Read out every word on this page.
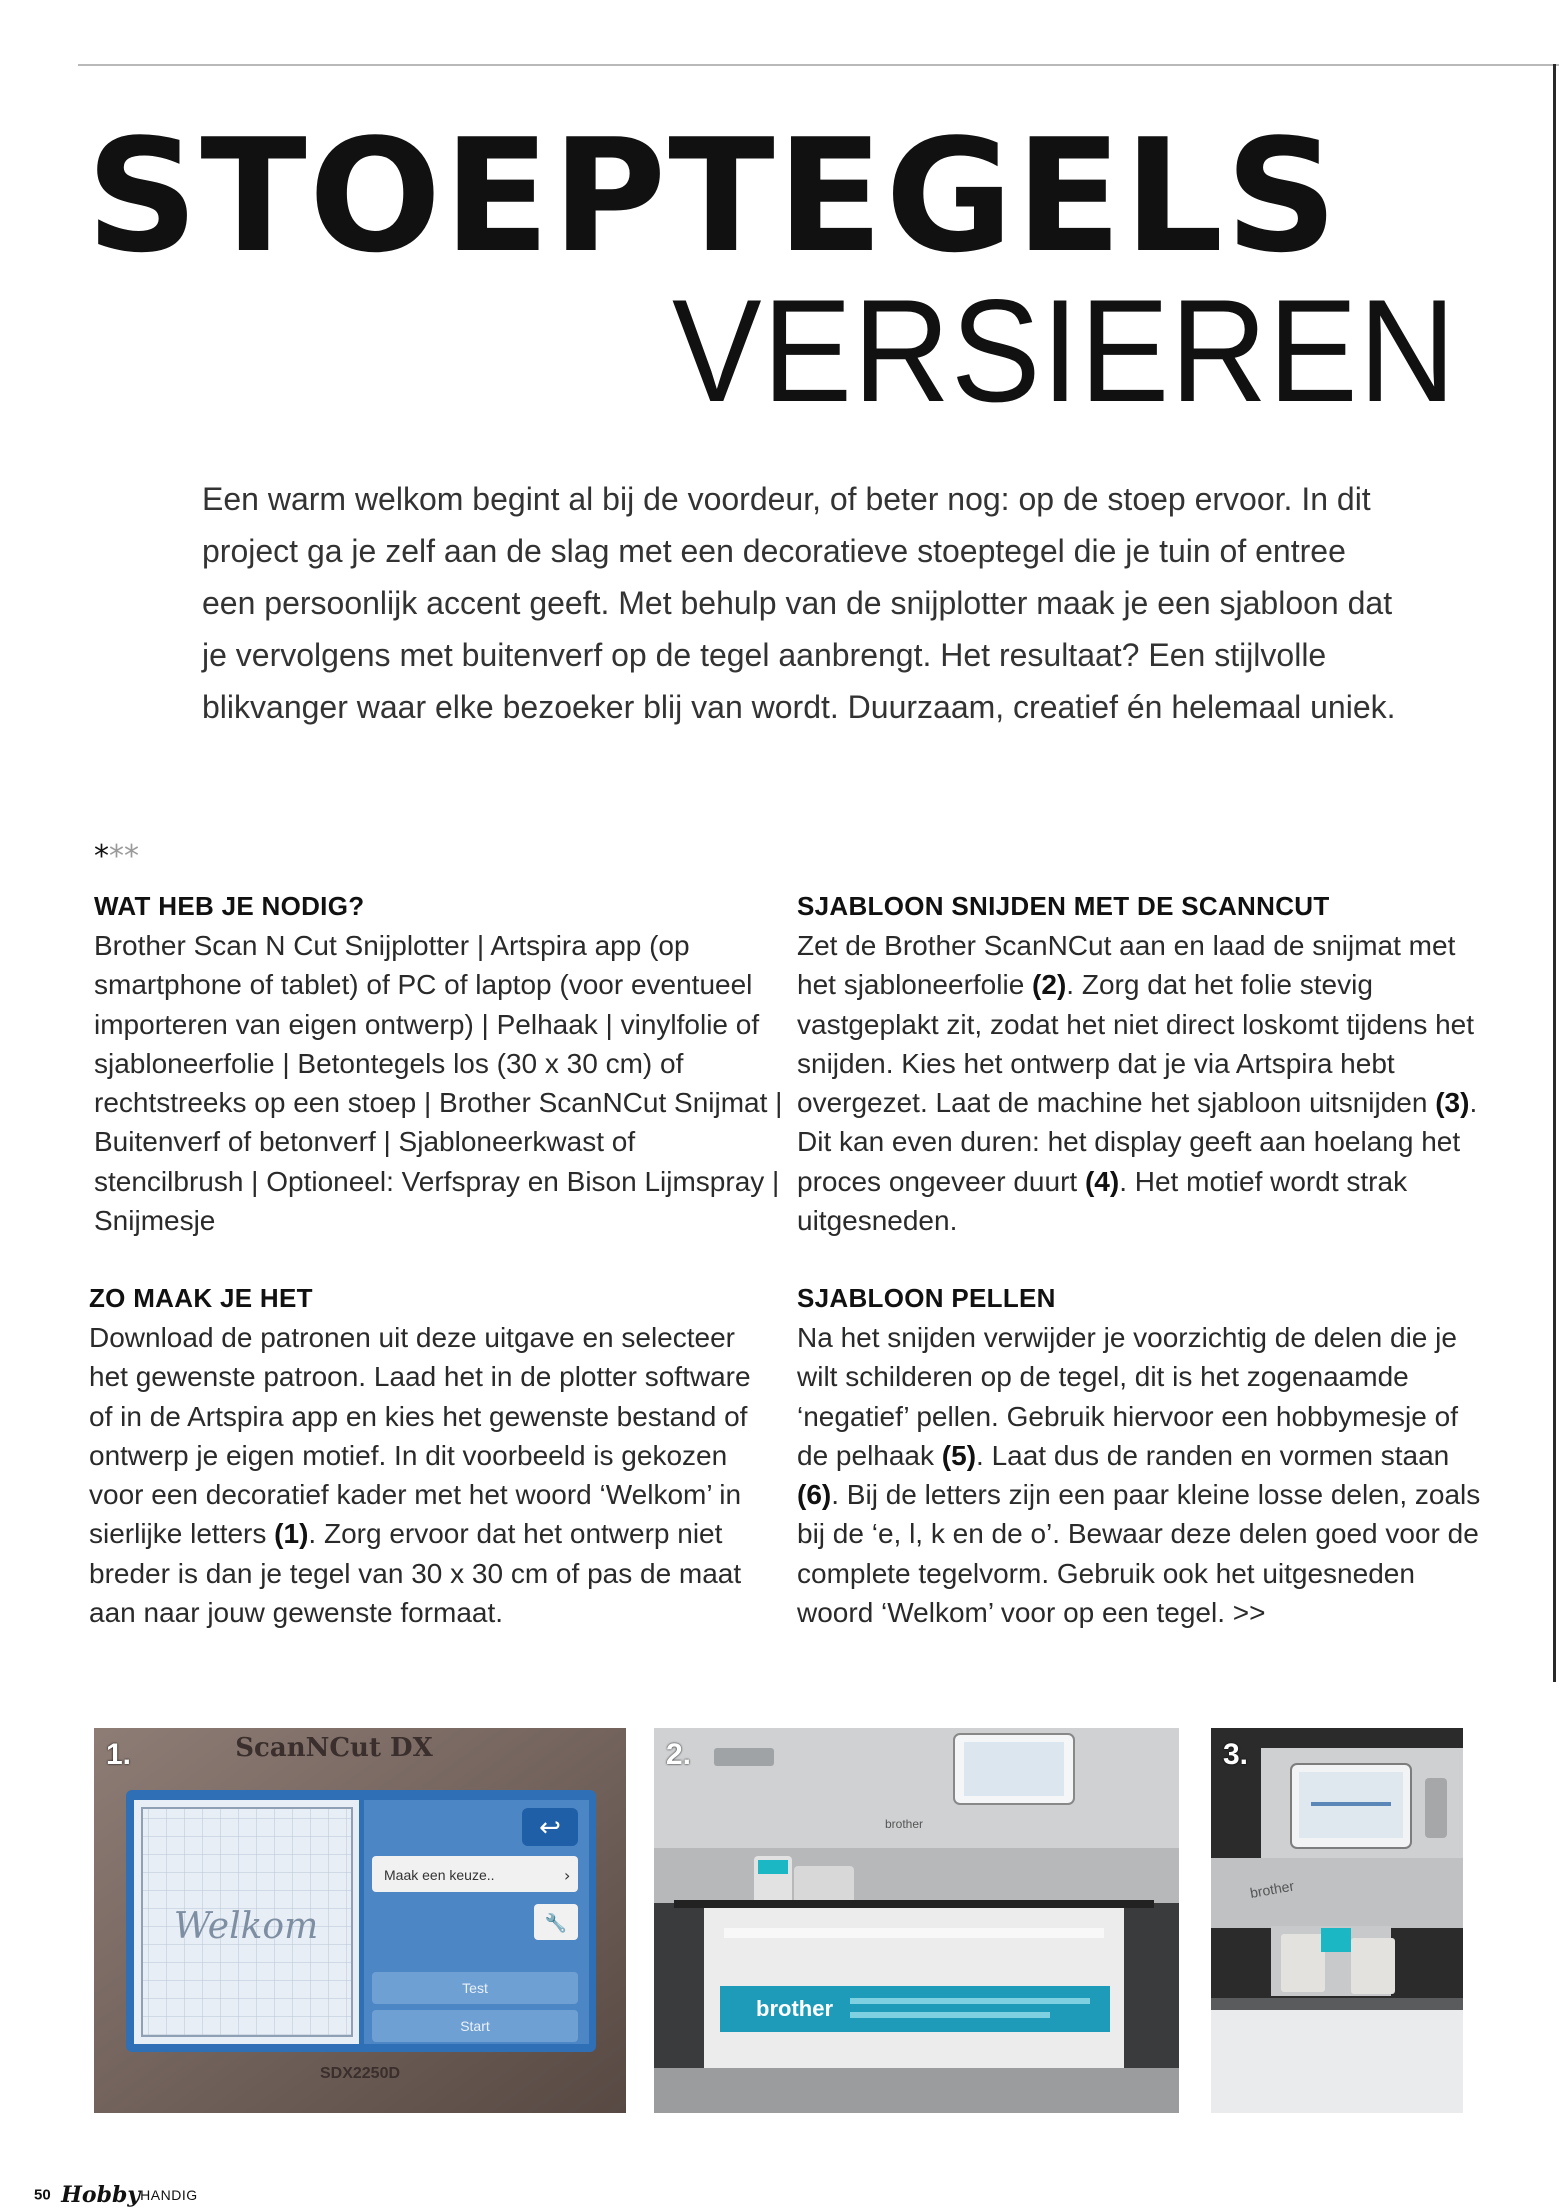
STOEPTEGELS
VERSIEREN

Een warm welkom begint al bij de voordeur, of beter nog: op de stoep ervoor. In dit project ga je zelf aan de slag met een decoratieve stoeptegel die je tuin of entree een persoonlijk accent geeft. Met behulp van de snijplotter maak je een sjabloon dat je vervolgens met buitenverf op de tegel aanbrengt. Het resultaat? Een stijlvolle blikvanger waar elke bezoeker blij van wordt. Duurzaam, creatief én helemaal uniek.

***
WAT HEB JE NODIG?

Brother Scan N Cut Snijplotter | Artspira app (op smartphone of tablet) of PC of laptop (voor eventueel importeren van eigen ontwerp) | Pelhaak | vinylfolie of sjabloneerfolie | Betontegels los (30 x 30 cm) of rechtstreeks op een stoep | Brother ScanNCut Snijmat | Buitenverf of betonverf | Sjabloneerkwast of stencilbrush | Optioneel: Verfspray en Bison Lijmspray | Snijmesje

ZO MAAK JE HET

Download de patronen uit deze uitgave en selecteer het gewenste patroon. Laad het in de plotter software of in de Artspira app en kies het gewenste bestand of ontwerp je eigen motief. In dit voorbeeld is gekozen voor een decoratief kader met het woord ‘Welkom’ in sierlijke letters (1). Zorg ervoor dat het ontwerp niet breder is dan je tegel van 30 x 30 cm of pas de maat aan naar jouw gewenste formaat.

SJABLOON SNIJDEN MET DE SCANNCUT

Zet de Brother ScanNCut aan en laad de snijmat met het sjabloneerfolie (2). Zorg dat het folie stevig vastgeplakt zit, zodat het niet direct loskomt tijdens het snijden. Kies het ontwerp dat je via Artspira hebt overgezet. Laat de machine het sjabloon uitsnijden (3). Dit kan even duren: het display geeft aan hoelang het proces ongeveer duurt (4). Het motief wordt strak uitgesneden.

SJABLOON PELLEN

Na het snijden verwijder je voorzichtig de delen die je wilt schilderen op de tegel, dit is het zogenaamde ‘negatief’ pellen. Gebruik hiervoor een hobbymesje of de pelhaak (5). Laat dus de randen en vormen staan (6). Bij de letters zijn een paar kleine losse delen, zoals bij de ‘e, l, k en de o’. Bewaar deze delen goed voor de complete tegelvorm. Gebruik ook het uitgesneden woord ‘Welkom’ voor op een tegel. >>

ScanNCut DX
Welkom
↩
Maak een keuze..	›
🔧
Test
Start
SDX2250D
1.
brother
brother
2.
brother
3.
50 HobbyHANDIG
